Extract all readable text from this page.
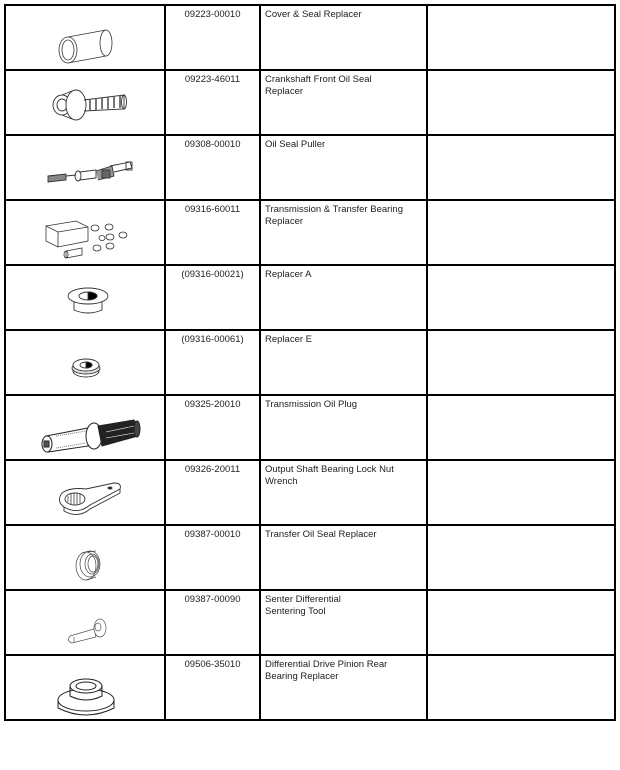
	09223-00010	Cover & Seal Replacer	

	09223-46011	Crankshaft Front Oil Seal
Replacer	

	09308-00010	Oil Seal Puller	

	09316-60011	Transmission & Transfer Bearing
Replacer	

	(09316-00021)	Replacer A	

	(09316-00061)	Replacer E	

	09325-20010	Transmission Oil Plug	

	09326-20011	Output Shaft Bearing Lock Nut
Wrench	

	09387-00010	Transfer Oil Seal Replacer	

	09387-00090	Senter Differential
Sentering Tool	

	09506-35010	Differential Drive Pinion Rear
Bearing Replacer	
